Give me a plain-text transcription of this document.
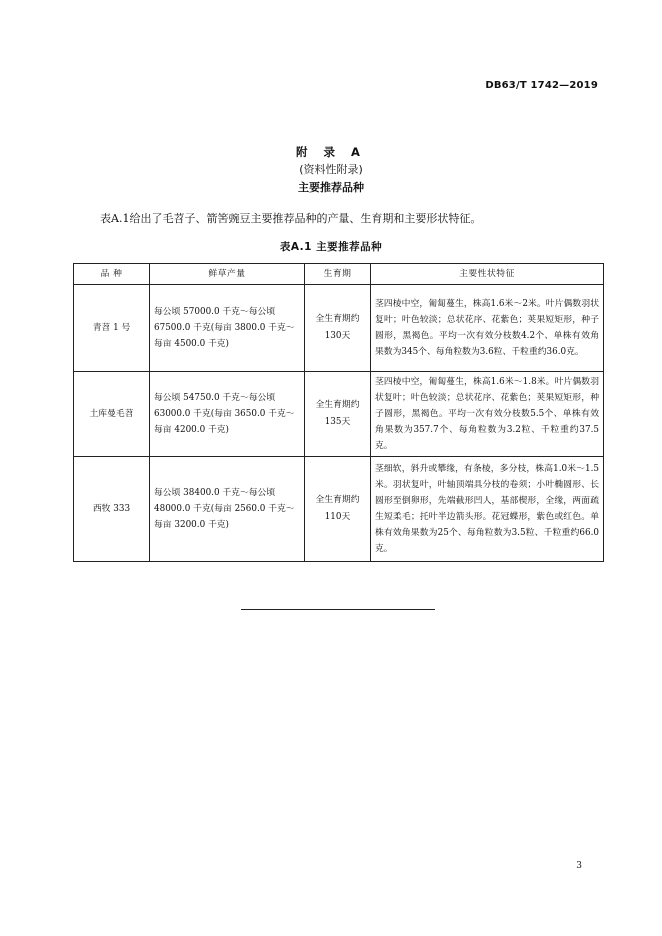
DB63/T 1742—2019
附 录 A
(资料性附录)
主要推荐品种
表A.1给出了毛苕子、箭筈豌豆主要推荐品种的产量、生育期和主要形状特征。
表A.1 主要推荐品种
品 种	鲜草产量	生育期	主要性状特征
青苕 1 号	每公顷 57000.0 千克～每公顷67500.0 千克(每亩 3800.0 千克～每亩 4500.0 千克)	全生育期约130天	茎四棱中空，匍匐蔓生，株高1.6米～2米。叶片偶数羽状复叶；叶色较淡；总状花序、花紫色；荚果短矩形，种子圆形，黑褐色。平均一次有效分枝数4.2个、单株有效角果数为345个、每角粒数为3.6粒、千粒重约36.0克。
土库曼毛苕	每公顷 54750.0 千克～每公顷63000.0 千克(每亩 3650.0 千克～每亩 4200.0 千克)	全生育期约135天	茎四棱中空，匍匐蔓生，株高1.6米～1.8米。叶片偶数羽状复叶；叶色较淡；总状花序、花紫色；荚果短矩形，种子圆形，黑褐色。平均一次有效分枝数5.5个、单株有效角果数为357.7个、每角粒数为3.2粒、千粒重约37.5克。
西牧 333	每公顷 38400.0 千克～每公顷48000.0 千克(每亩 2560.0 千克～每亩 3200.0 千克)	全生育期约110天	茎细软，斜升或攀缘，有条棱，多分枝，株高1.0米～1.5米。羽状复叶，叶轴顶端具分枝的卷须；小叶椭圆形、长圆形至倒卵形，先端截形凹人，基部楔形，全缘，两面疏生短柔毛；托叶半边箭头形。花冠蝶形，紫色或红色。单株有效角果数为25个、每角粒数为3.5粒、千粒重约66.0克。
3
